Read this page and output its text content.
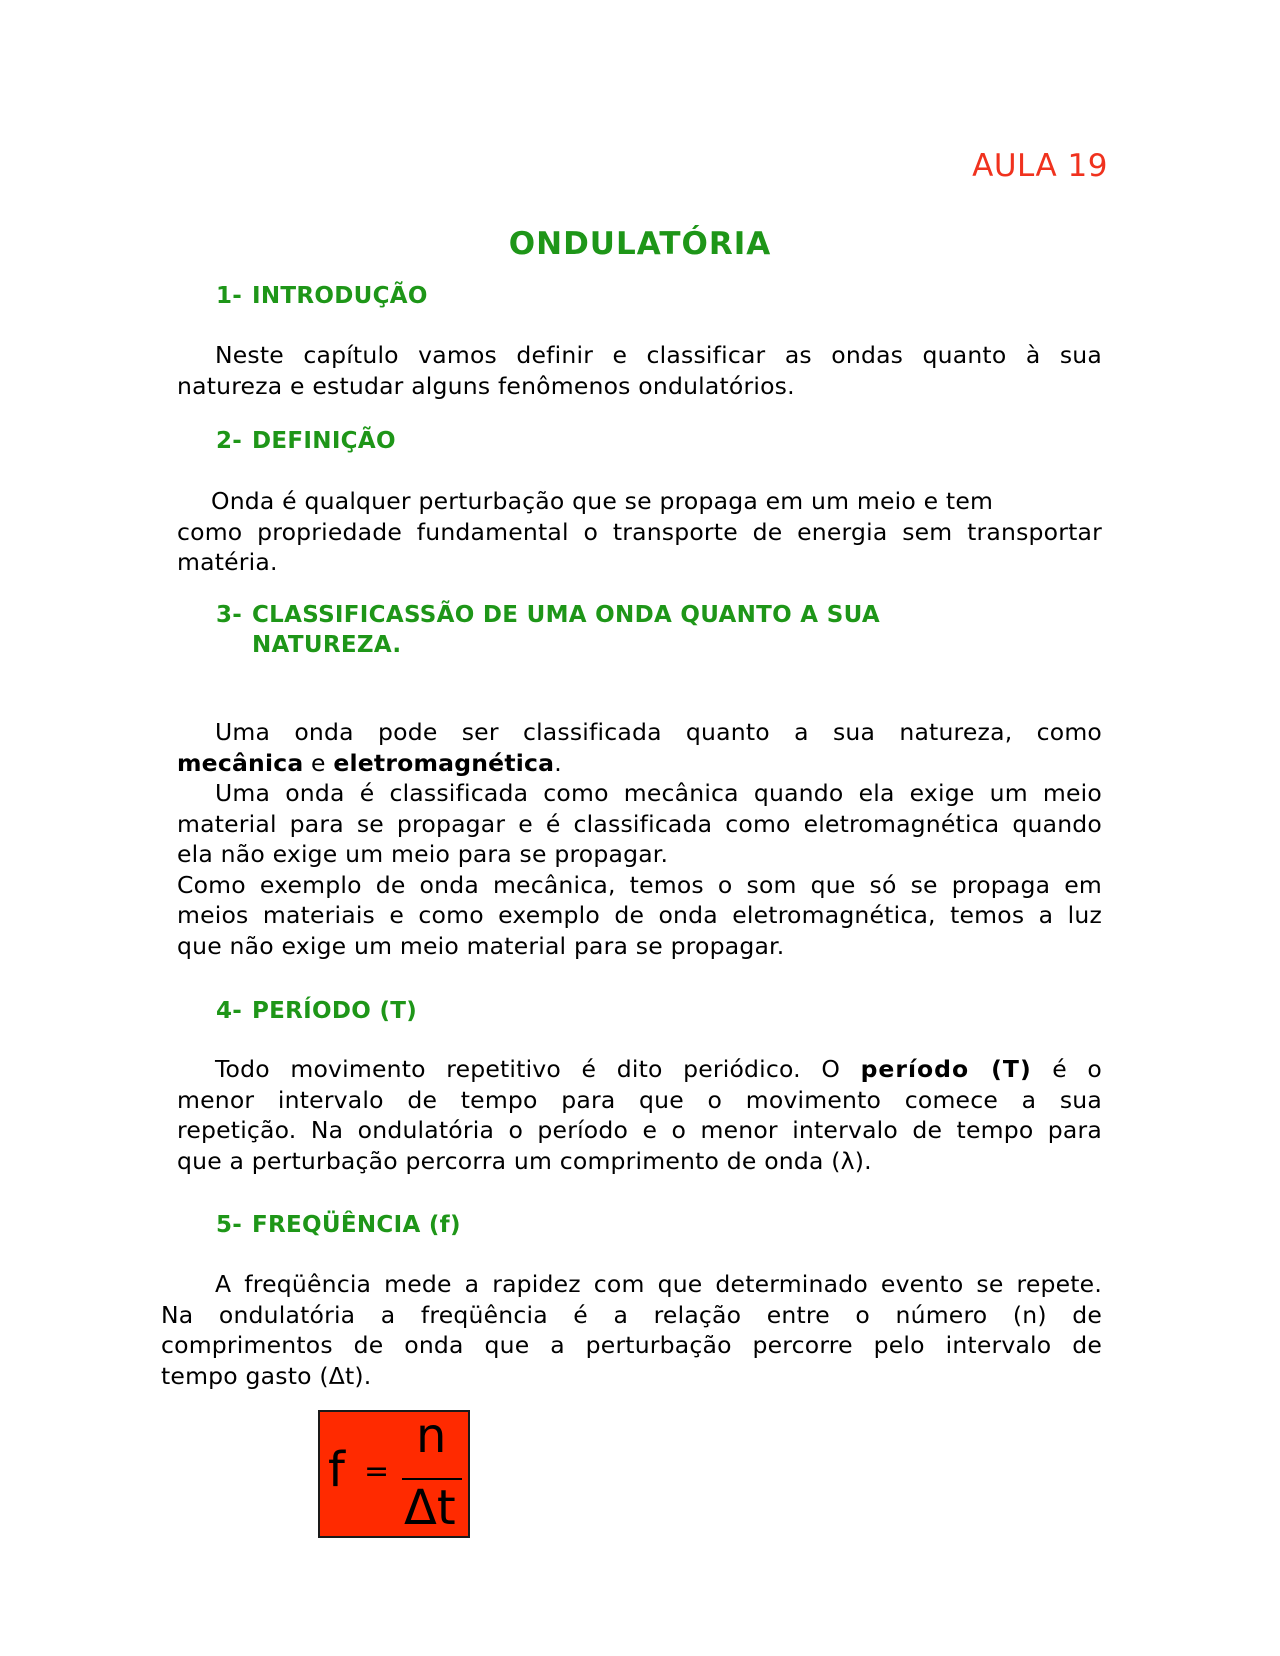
AULA 19
ONDULATÓRIA
1- INTRODUÇÃO
Neste capítulo vamos definir e classificar as ondas quanto à sua
natureza e estudar alguns fenômenos ondulatórios.
2- DEFINIÇÃO
Onda é qualquer perturbação que se propaga em um meio e tem
como propriedade fundamental o transporte de energia sem transportar
matéria.
3- CLASSIFICASSÃO DE UMA ONDA QUANTO A SUA
NATUREZA.
Uma onda pode ser classificada quanto a sua natureza, como
mecânica e eletromagnética.
Uma onda é classificada como mecânica quando ela exige um meio
material para se propagar e é classificada como eletromagnética quando
ela não exige um meio para se propagar.
Como exemplo de onda mecânica, temos o som que só se propaga em
meios materiais e como exemplo de onda eletromagnética, temos a luz
que não exige um meio material para se propagar.
4- PERÍODO (T)
Todo movimento repetitivo é dito periódico. O período (T) é o
menor intervalo de tempo para que o movimento comece a sua
repetição. Na ondulatória o período e o menor intervalo de tempo para
que a perturbação percorra um comprimento de onda (λ).
5- FREQÜÊNCIA (f)
A freqüência mede a rapidez com que determinado evento se repete.
Na ondulatória a freqüência é a relação entre o número (n) de
comprimentos de onda que a perturbação percorre pelo intervalo de
tempo gasto (Δt).
f =
n
Δt
